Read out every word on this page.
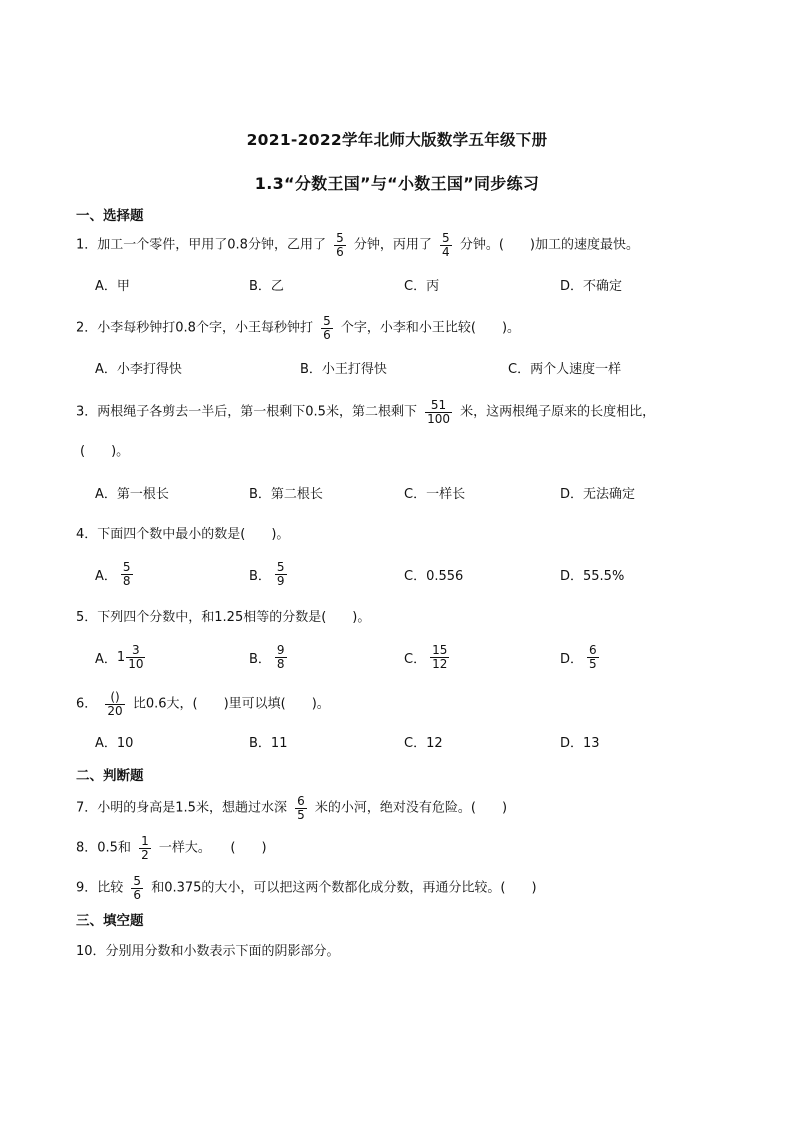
2021-2022学年北师大版数学五年级下册
1.3“分数王国”与“小数王国”同步练习
一、选择题
1．加工一个零件，甲用了0.8分钟，乙用了 $\frac{5}{6}$ 分钟，丙用了 $\frac{5}{4}$ 分钟。(　　)加工的速度最快。
A．甲	B．乙	C．丙	D．不确定
2．小李每秒钟打0.8个字，小王每秒钟打 $\frac{5}{6}$ 个字，小李和小王比较(　　)。
A．小李打得快	B．小王打得快	C．两个人速度一样
3．两根绳子各剪去一半后，第一根剩下0.5米，第二根剩下 $\frac{51}{100}$ 米，这两根绳子原来的长度相比，
(　　)。
A．第一根长	B．第二根长	C．一样长	D．无法确定
4．下面四个数中最小的数是(　　)。
A． $\frac{5}{8}$	B． $\frac{5}{9}$	C．0.556	D．55.5%
5．下列四个分数中，和1.25相等的分数是(　　)。
A． $1 \frac{3}{10}$	B． $\frac{9}{8}$	C． $\frac{15}{12}$	D． $\frac{6}{5}$
6． $\frac{()}{20}$ 比0.6大，(　　)里可以填(　　)。
A．10	B．11	C．12	D．13
二、判断题
7．小明的身高是1.5米，想趟过水深 $\frac{6}{5}$ 米的小河，绝对没有危险。(　　)
8．0.5和 $\frac{1}{2}$ 一样大。　　(　　)
9．比较 $\frac{5}{6}$ 和0.375的大小，可以把这两个数都化成分数，再通分比较。(　　)
三、填空题
10．分别用分数和小数表示下面的阴影部分。
